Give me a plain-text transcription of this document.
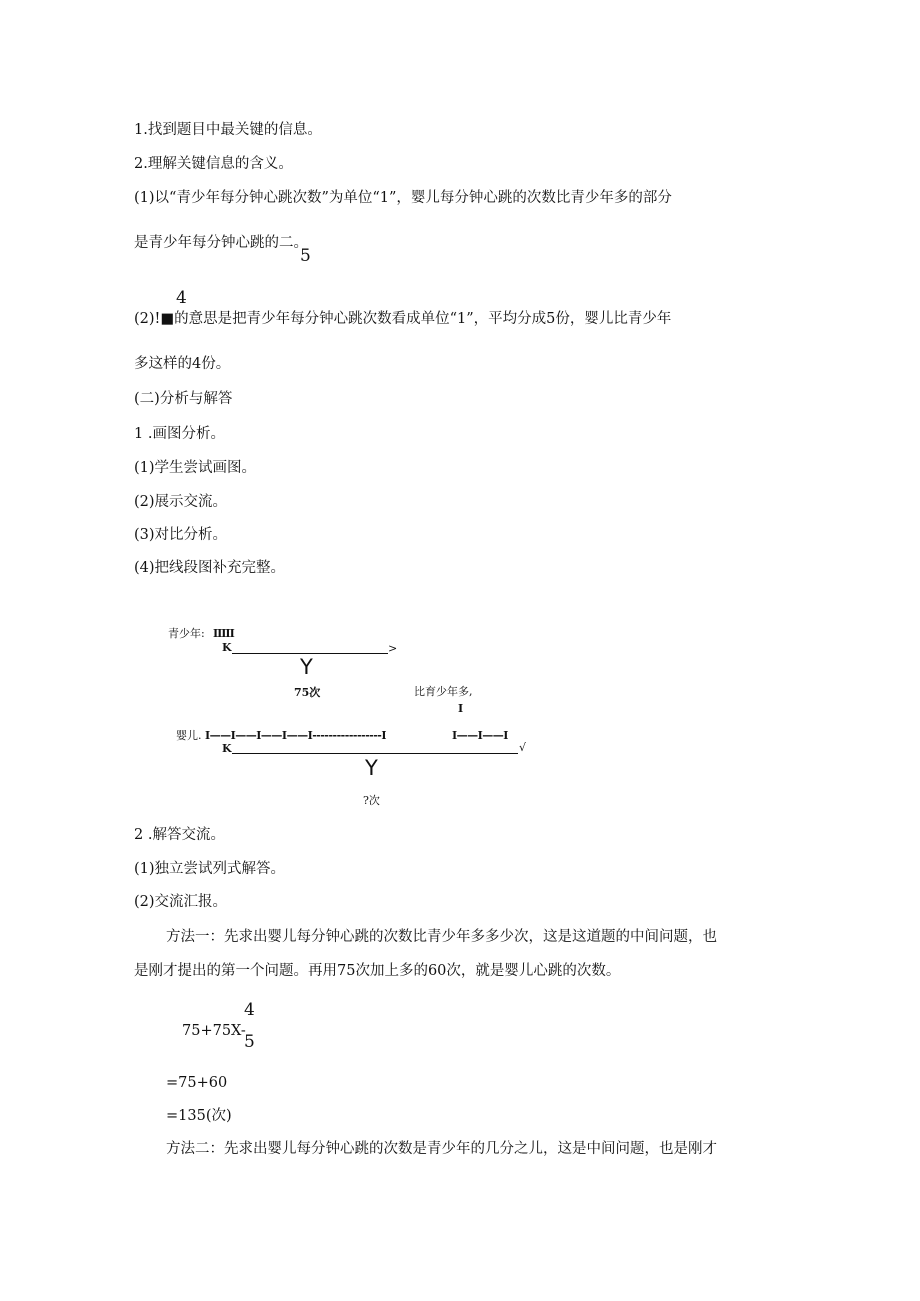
1.找到题目中最关键的信息。
2.理解关键信息的含义。
(1)以“青少年每分钟心跳次数”为单位“1”，婴儿每分钟心跳的次数比青少年多的部分
是青少年每分钟心跳的二。
5
4
(2)!■的意思是把青少年每分钟心跳次数看成单位“1”，平均分成5份，婴儿比青少年
多这样的4份。
(二)分析与解答
1 .画图分析。
(1)学生尝试画图。
(2)展示交流。
(3)对比分析。
(4)把线段图补充完整。
青少年: IIIII
K	>
Y
75次	比育少年多,
I
婴儿. I——I——I——I——I-----------------I	I——I——I
K	√
Y
?次
2 .解答交流。
(1)独立尝试列式解答。
(2)交流汇报。
方法一：先求出婴儿每分钟心跳的次数比青少年多多少次，这是这道题的中间问题，也
是刚才提出的第一个问题。再用75次加上多的60次，就是婴儿心跳的次数。
75+75X-
4
5
=75+60
=135(次)
方法二：先求出婴儿每分钟心跳的次数是青少年的几分之儿，这是中间问题，也是刚才
